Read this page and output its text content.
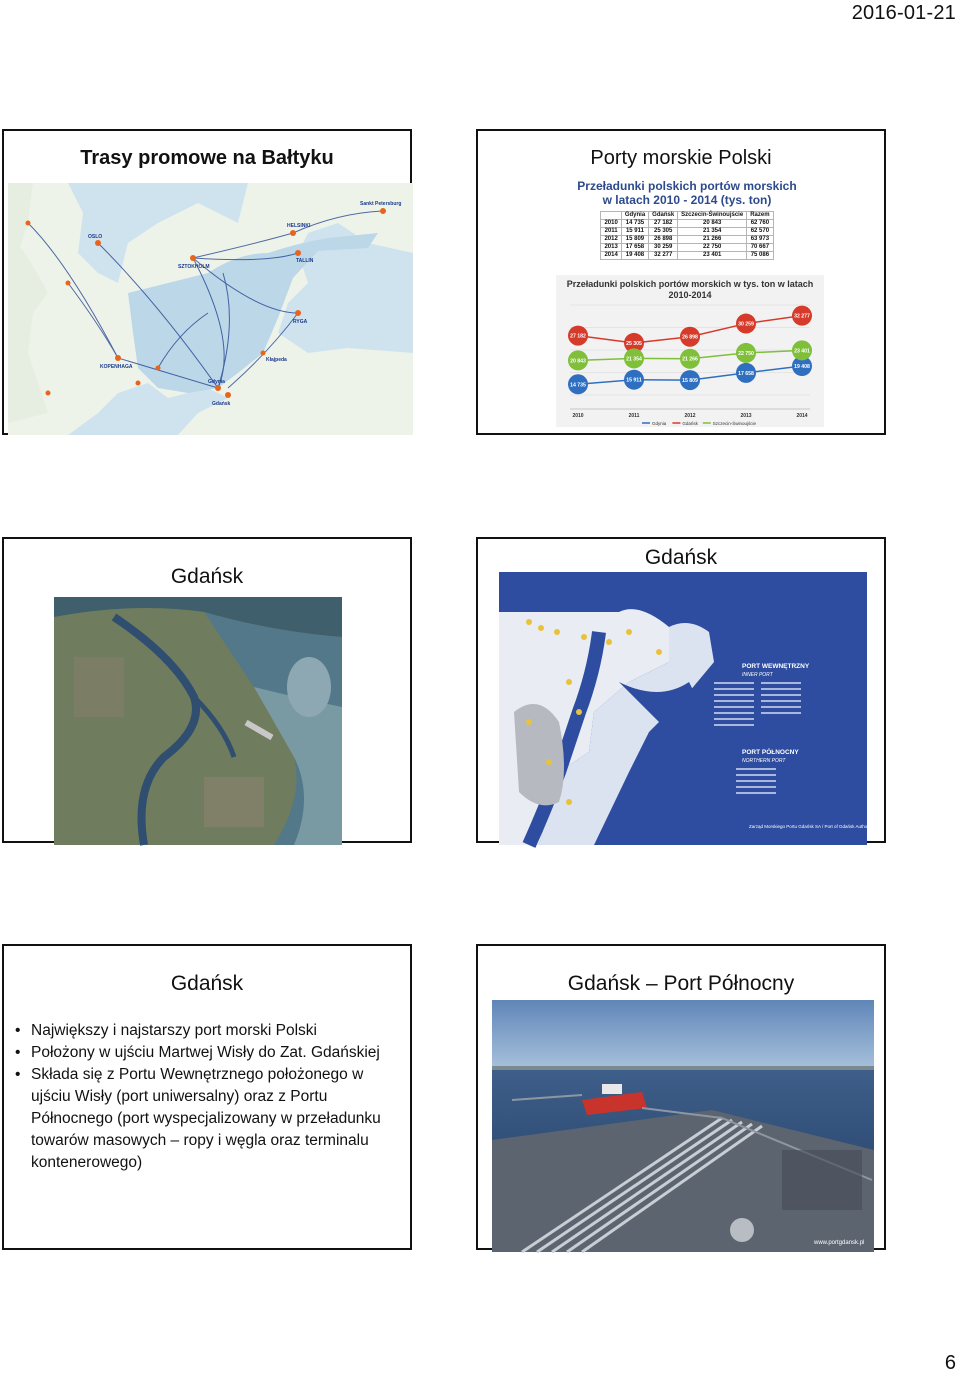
2016-01-21
Trasy promowe na Bałtyku
HELSINKI
TALLIN
SZTOKHOLM
RYGA
OSLO
KOPENHAGA
Gdynia
Gdańsk
Kłajpeda
Sankt Petersburg
Porty morskie Polski
Przeładunki polskich portów morskich
w latach 2010 - 2014 (tys. ton)
	Gdynia	Gdańsk	Szczecin-Świnoujście	Razem
2010	14 735	27 182	20 843	62 760
2011	15 911	25 305	21 354	62 570
2012	15 809	26 898	21 266	63 973
2013	17 658	30 259	22 750	70 667
2014	19 408	32 277	23 401	75 086
Przeładunki polskich portów morskich w tys. ton w latach 2010-2014
2010	2011	2012	2013	2014
14 735
15 911	15 809
17 658
19 408
27 182
25 305
26 898
30 259
32 277
20 843	21 354	21 266
22 750	23 401
Gdynia	Gdańsk	Szczecin-Świnoujście
Gdańsk
Gdańsk
PORT WEWNĘTRZNY
INNER PORT
PORT PÓŁNOCNY
NORTHERN PORT
Zarząd Morskiego Portu Gdańsk SA / Port of Gdańsk Authority SA
Gdańsk
• Największy i najstarszy port morski Polski
• Położony w ujściu Martwej Wisły do Zat. Gdańskiej
• Składa się z Portu Wewnętrznego położonego w ujściu Wisły (port uniwersalny) oraz z Portu Północnego (port wyspecjalizowany w przeładunku towarów masowych – ropy i węgla oraz terminalu kontenerowego)
Gdańsk – Port Północny
www.portgdansk.pl
6
